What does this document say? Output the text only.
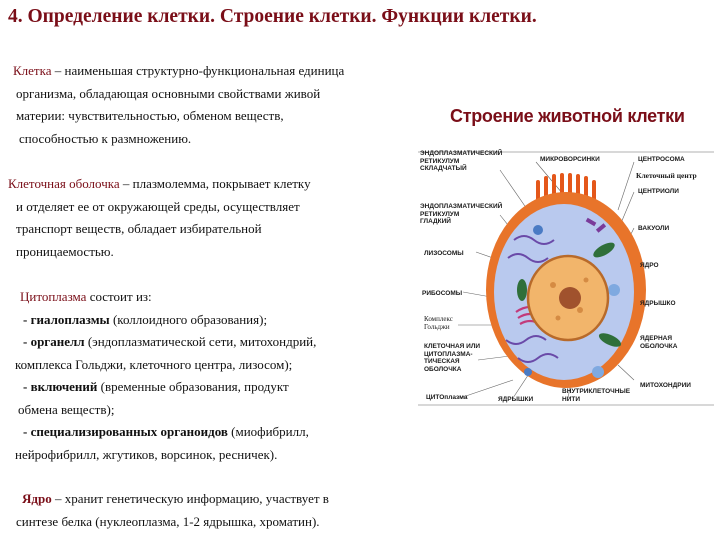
4. Определение клетки. Строение клетки. Функции клетки.
Клетка – наименьшая структурно-функциональная единица
организма, обладающая основными свойствами живой
материи: чувствительностью, обменом веществ,
способностью к размножению.
Клеточная оболочка – плазмолемма, покрывает клетку
и отделяет ее от окружающей среды, осуществляет
транспорт веществ, обладает избирательной
проницаемостью.
Цитоплазма состоит из:
- гиалоплазмы (коллоидного образования);
- органелл (эндоплазматической сети, митохондрий,
комплекса Гольджи, клеточного центра, лизосом);
- включений (временные образования, продукт
обмена веществ);
- специализированных органоидов (миофибрилл,
нейрофибрилл, жгутиков, ворсинок, ресничек).
Ядро – хранит генетическую информацию, участвует в
синтезе белка (нуклеоплазма, 1-2 ядрышка, хроматин).
Строение животной клетки
ЭНДОПЛАЗМАТИЧЕСКИЙ
РЕТИКУЛУМ
СКЛАДЧАТЫЙ
МИКРОВОРСИНКИ	ЦЕНТРОСОМА
Клеточный центр
ЭНДОПЛАЗМАТИЧЕСКИЙ
РЕТИКУЛУМ
ГЛАДКИЙ
ЦЕНТРИОЛИ
ВАКУОЛИ
ЛИЗОСОМЫ
ЯДРО
РИБОСОМЫ
Комплекс
Гольджи
ЯДРЫШКО
КЛЕТОЧНАЯ ИЛИ
ЦИТОПЛАЗМА-
ТИЧЕСКАЯ
ОБОЛОЧКА
ЯДЕРНАЯ
ОБОЛОЧКА
ЦИТОплазма	ЯДРЫШКИ
ВНУТРИКЛЕТОЧНЫЕ
НИТИ
МИТОХОНДРИИ
